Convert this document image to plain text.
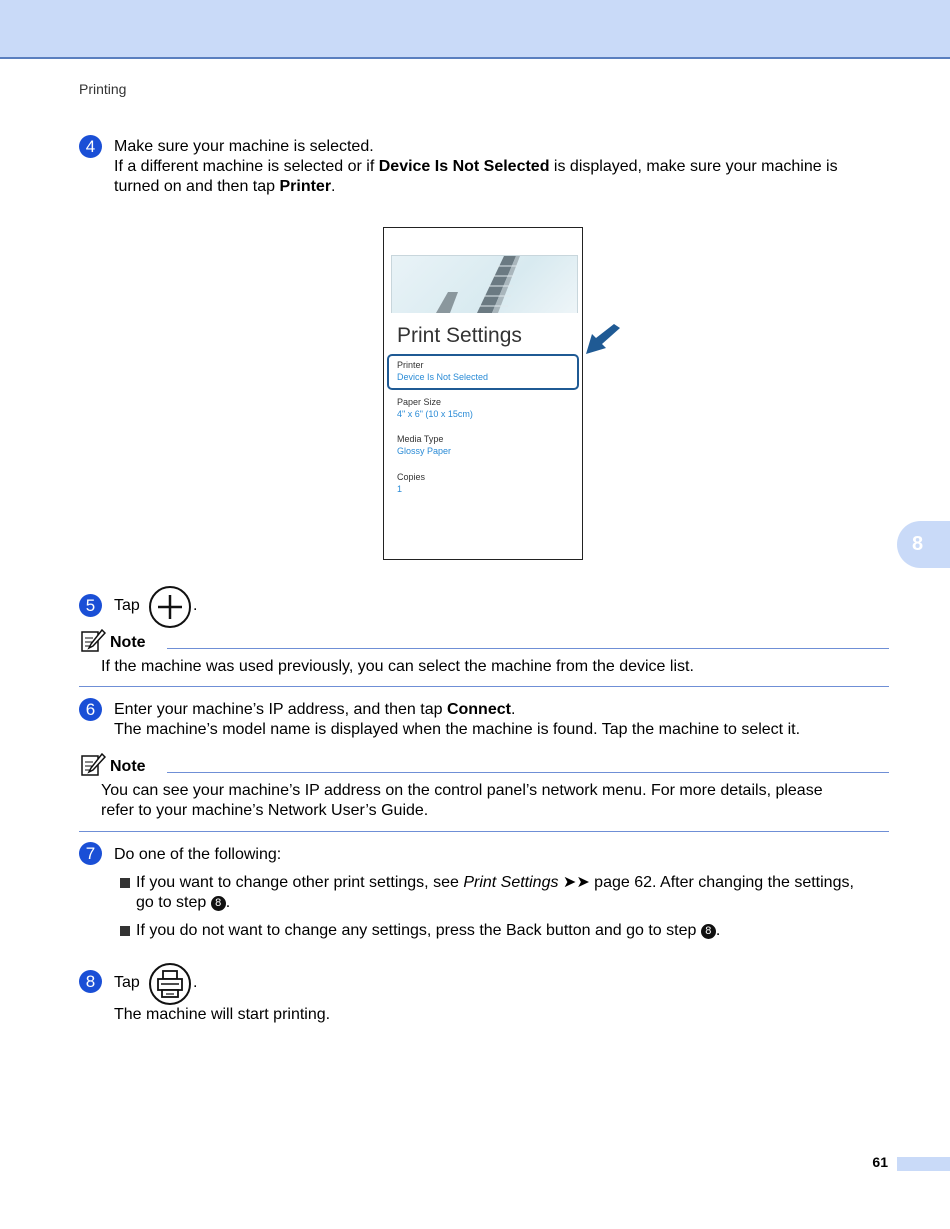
Printing
4	Make sure your machine is selected.
If a different machine is selected or if Device Is Not Selected is displayed, make sure your machine is
turned on and then tap Printer.
Print Settings
Printer
Device Is Not Selected
Paper Size
4" x 6" (10 x 15cm)
Media Type
Glossy Paper
Copies
1
5	Tap	.
Note
If the machine was used previously, you can select the machine from the device list.
6	Enter your machine’s IP address, and then tap Connect.
The machine’s model name is displayed when the machine is found. Tap the machine to select it.
Note
You can see your machine’s IP address on the control panel’s network menu. For more details, please
refer to your machine’s Network User’s Guide.
7	Do one of the following:
If you want to change other print settings, see Print Settings ➤➤ page 62. After changing the settings,
go to step 8 .
If you do not want to change any settings, press the Back button and go to step 8 .
8	Tap	.
The machine will start printing.
8
61
